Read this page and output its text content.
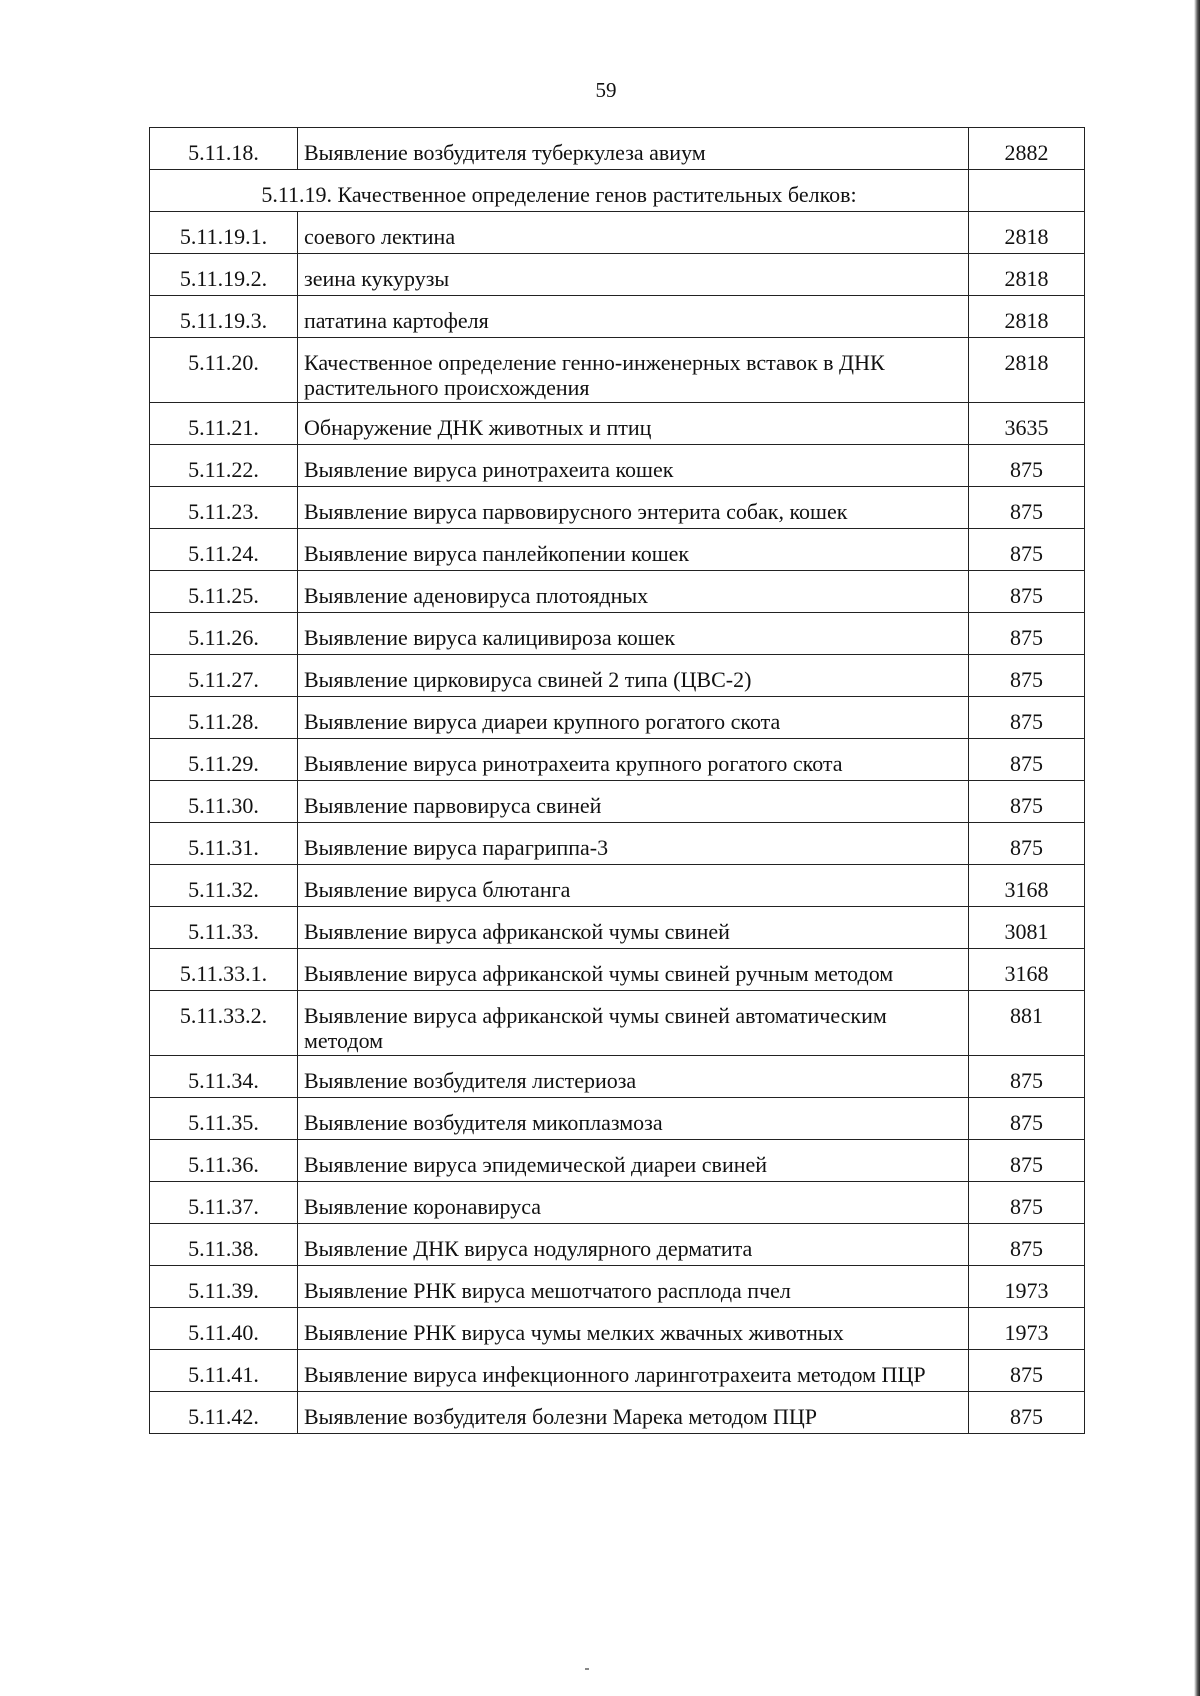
59
5.11.18.	Выявление возбудителя туберкулеза авиум	2882
5.11.19. Качественное определение генов растительных белков:		
5.11.19.1.	соевого лектина	2818
5.11.19.2.	зеина кукурузы	2818
5.11.19.3.	пататина картофеля	2818
5.11.20.	Качественное определение генно-инженерных вставок в ДНК растительного происхождения	2818
5.11.21.	Обнаружение ДНК животных и птиц	3635
5.11.22.	Выявление вируса ринотрахеита кошек	875
5.11.23.	Выявление вируса парвовирусного энтерита собак, кошек	875
5.11.24.	Выявление вируса панлейкопении кошек	875
5.11.25.	Выявление аденовируса плотоядных	875
5.11.26.	Выявление вируса калицивироза кошек	875
5.11.27.	Выявление цирковируса свиней 2 типа (ЦВС-2)	875
5.11.28.	Выявление вируса диареи крупного рогатого скота	875
5.11.29.	Выявление вируса ринотрахеита крупного рогатого скота	875
5.11.30.	Выявление парвовируса свиней	875
5.11.31.	Выявление вируса парагриппа-3	875
5.11.32.	Выявление вируса блютанга	3168
5.11.33.	Выявление вируса африканской чумы свиней	3081
5.11.33.1.	Выявление вируса африканской чумы свиней ручным методом	3168
5.11.33.2.	Выявление вируса африканской чумы свиней автоматическим методом	881
5.11.34.	Выявление возбудителя листериоза	875
5.11.35.	Выявление возбудителя микоплазмоза	875
5.11.36.	Выявление вируса эпидемической диареи свиней	875
5.11.37.	Выявление коронавируса	875
5.11.38.	Выявление ДНК вируса нодулярного дерматита	875
5.11.39.	Выявление РНК вируса мешотчатого расплода пчел	1973
5.11.40.	Выявление РНК вируса чумы мелких жвачных животных	1973
5.11.41.	Выявление вируса инфекционного ларинготрахеита методом ПЦР	875
5.11.42.	Выявление возбудителя болезни Марека методом ПЦР	875
